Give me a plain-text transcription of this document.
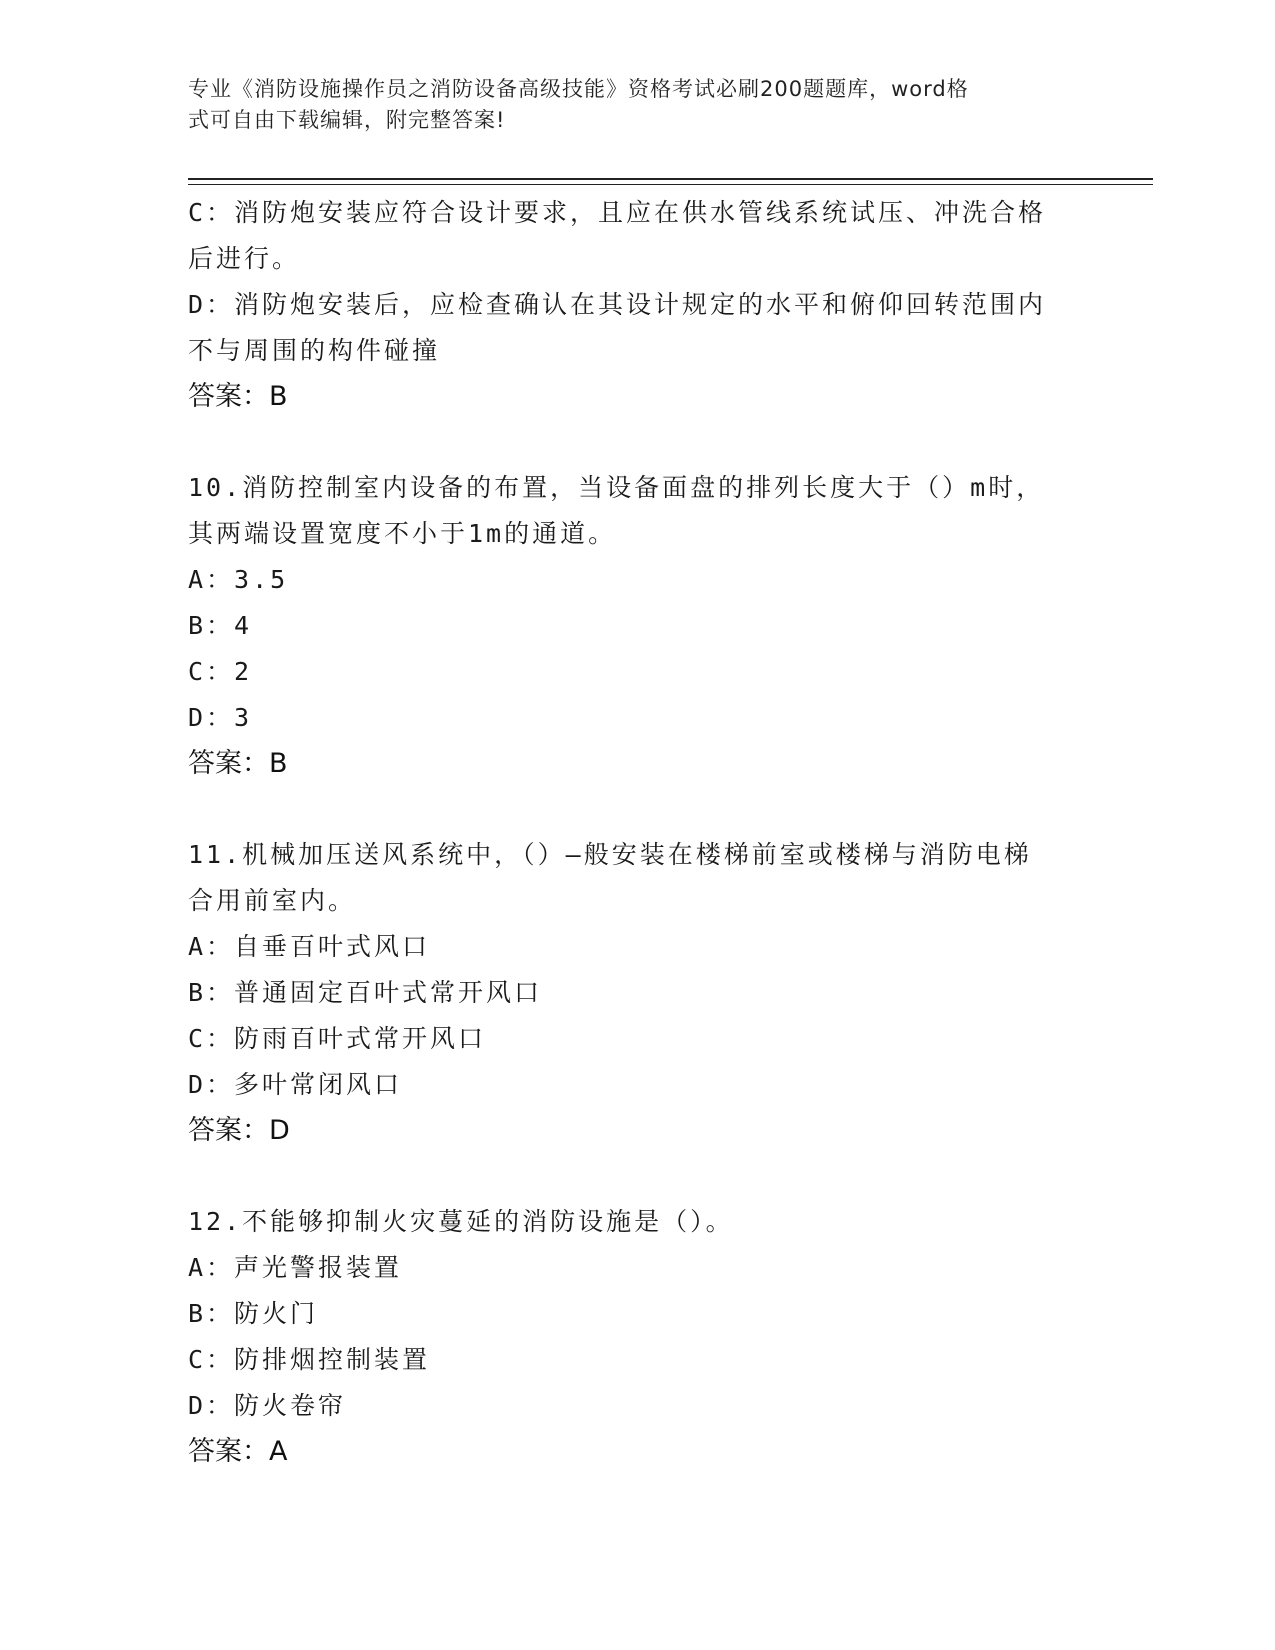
专业《消防设施操作员之消防设备高级技能》资格考试必刷200题题库，word格
式可自由下载编辑，附完整答案!
C：消防炮安装应符合设计要求，且应在供水管线系统试压、冲洗合格
后进行。
D：消防炮安装后，应检查确认在其设计规定的水平和俯仰回转范围内
不与周围的构件碰撞
答案：B
10.消防控制室内设备的布置，当设备面盘的排列长度大于（）m时，
其两端设置宽度不小于1m的通道。
A：3.5
B：4
C：2
D：3
答案：B
11.机械加压送风系统中，（）—般安装在楼梯前室或楼梯与消防电梯
合用前室内。
A：自垂百叶式风口
B：普通固定百叶式常开风口
C：防雨百叶式常开风口
D：多叶常闭风口
答案：D
12.不能够抑制火灾蔓延的消防设施是（）。
A：声光警报装置
B：防火门
C：防排烟控制装置
D：防火卷帘
答案：A
